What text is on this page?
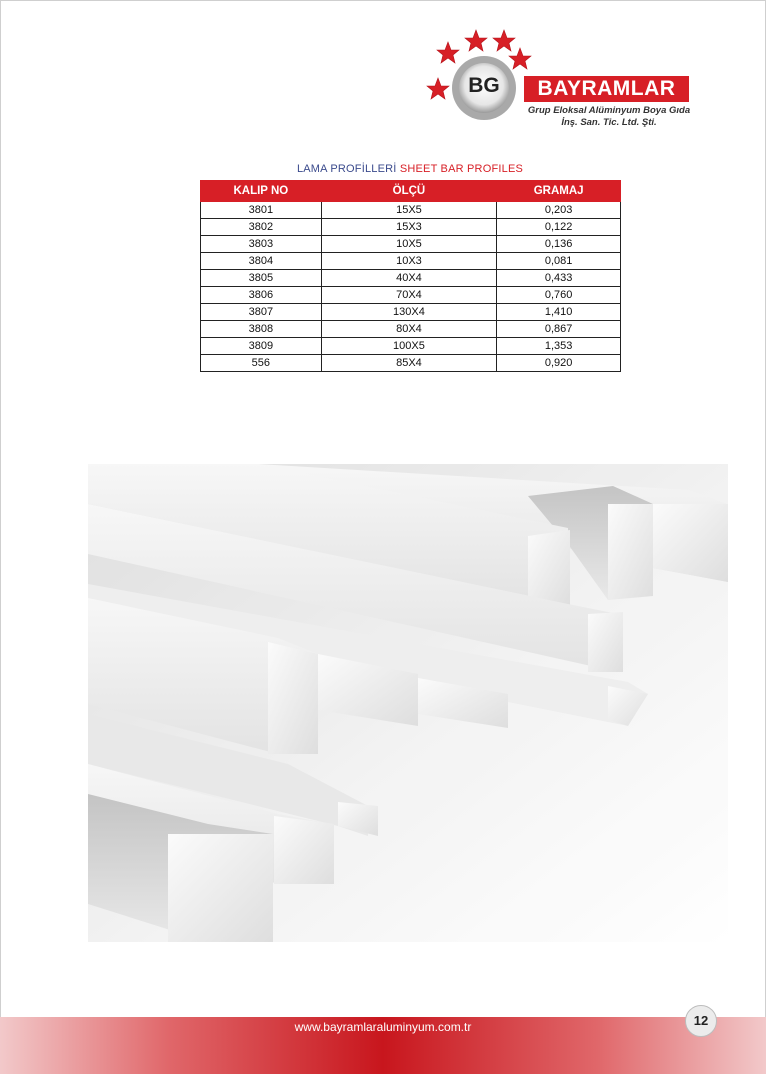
BG	BAYRAMLAR
Grup Eloksal Alüminyum Boya Gıda
İnş. San. Tic. Ltd. Şti.
LAMA PROFİLLERİ SHEET BAR PROFILES
KALIP NO	ÖLÇÜ	GRAMAJ
3801	15X5	0,203
3802	15X3	0,122
3803	10X5	0,136
3804	10X3	0,081
3805	40X4	0,433
3806	70X4	0,760
3807	130X4	1,410
3808	80X4	0,867
3809	100X5	1,353
556	85X4	0,920
www.bayramlaraluminyum.com.tr	12
